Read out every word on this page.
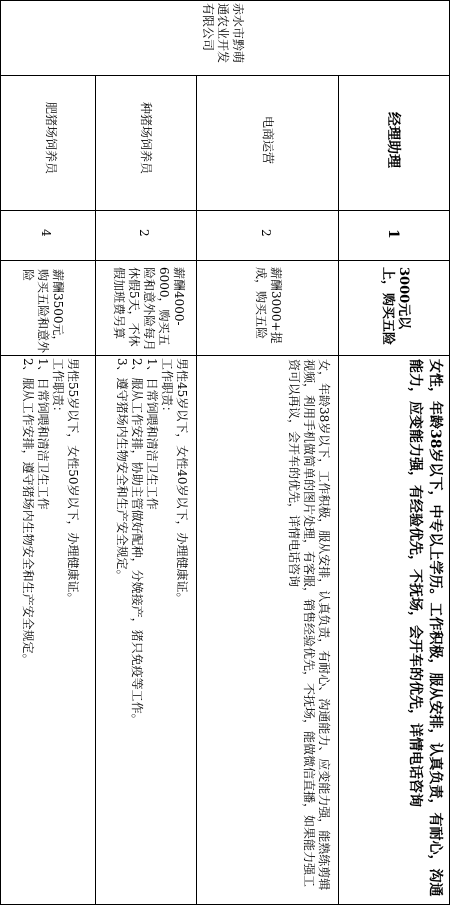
赤水市黔萌通农业开发有限公司
肥猪场饲养员
4
薪酬3500元，购买五险和意外险
男性55岁以下，女性50岁以下，办理健康证。
工作职责：
1、日常饲喂和清洁卫生工作
2、服从工作安排，遵守猪场内生物安全和生产安全规定。
种猪场饲养员
2
薪酬4000-6000，购买五险和意外险每月休假5天，不休假加班费另算
男性45岁以下，女性40岁以下，办理健康证。
工作职责：
1、日常饲喂和清洁卫生工作
2、服从工作安排，协助主管做好配种，分娩接产，猪只免疫等工作。
3、遵守猪场内生物安全和生产安全规定。
电商运营
2
薪酬3000+提成，购买五险
女，年龄38岁以下，工作积极，服从安排，认真负责，有耐心、沟通能力、应变能力强，能熟练剪辑视频，利用手机做简单的图片处理，有客服，销售经验优先，不抚场，能做微信直播，如果能力强工资可以再议，会开车的优先，详情电话咨询
经理助理
1
3000元以上，购买五险
女性，年龄38岁以下，中专以上学历。工作积极，服从安排，认真负责，有耐心，沟通能力，应变能力强，有经验优先，不抚场，会开车的优先，详情电话咨询
